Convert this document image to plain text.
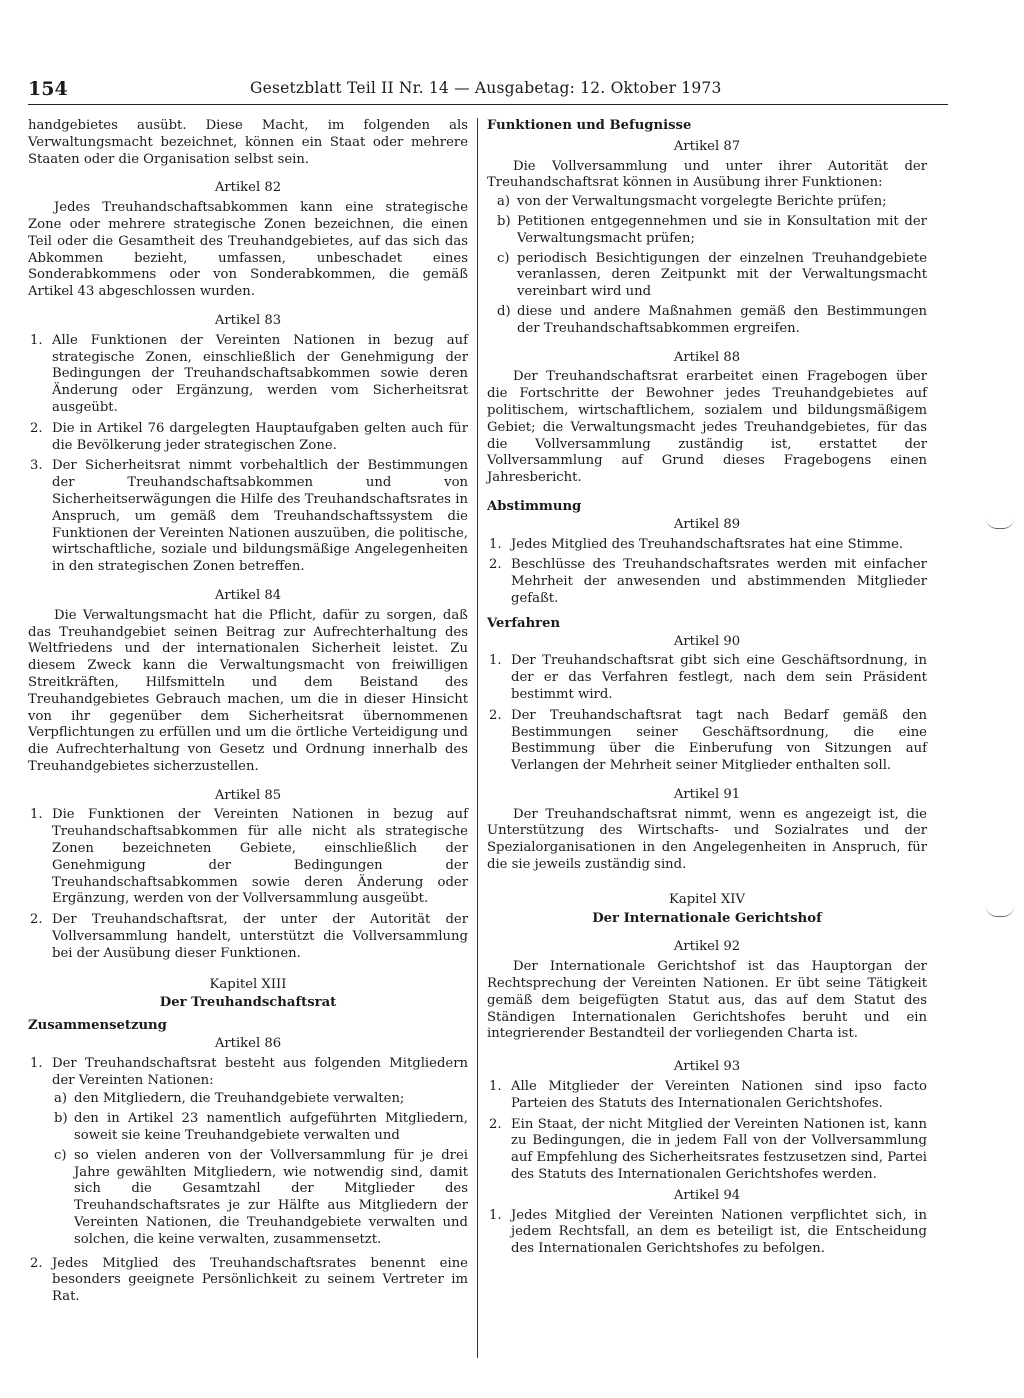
154	Gesetzblatt Teil II Nr. 14 — Ausgabetag: 12. Oktober 1973

handgebietes ausübt. Diese Macht, im folgenden als Verwaltungsmacht bezeichnet, können ein Staat oder mehrere Staaten oder die Organisation selbst sein.

Artikel 82

Jedes Treuhandschaftsabkommen kann eine strategische Zone oder mehrere strategische Zonen bezeichnen, die einen Teil oder die Gesamtheit des Treuhandgebietes, auf das sich das Abkommen bezieht, umfassen, unbeschadet eines Sonderabkommens oder von Sonderabkommen, die gemäß Artikel 43 abgeschlossen wurden.

Artikel 83
1. Alle Funktionen der Vereinten Nationen in bezug auf strategische Zonen, einschließlich der Genehmigung der Bedingungen der Treuhandschaftsabkommen sowie deren Änderung oder Ergänzung, werden vom Sicherheitsrat ausgeübt.
2. Die in Artikel 76 dargelegten Hauptaufgaben gelten auch für die Bevölkerung jeder strategischen Zone.
3. Der Sicherheitsrat nimmt vorbehaltlich der Bestimmungen der Treuhandschaftsabkommen und von Sicherheitserwägungen die Hilfe des Treuhandschaftsrates in Anspruch, um gemäß dem Treuhandschaftssystem die Funktionen der Vereinten Nationen auszuüben, die politische, wirtschaftliche, soziale und bildungsmäßige Angelegenheiten in den strategischen Zonen betreffen.
Artikel 84

Die Verwaltungsmacht hat die Pflicht, dafür zu sorgen, daß das Treuhandgebiet seinen Beitrag zur Aufrechterhaltung des Weltfriedens und der internationalen Sicherheit leistet. Zu diesem Zweck kann die Verwaltungsmacht von freiwilligen Streitkräften, Hilfsmitteln und dem Beistand des Treuhandgebietes Gebrauch machen, um die in dieser Hinsicht von ihr gegenüber dem Sicherheitsrat übernommenen Verpflichtungen zu erfüllen und um die örtliche Verteidigung und die Aufrechterhaltung von Gesetz und Ordnung innerhalb des Treuhandgebietes sicherzustellen.

Artikel 85
1. Die Funktionen der Vereinten Nationen in bezug auf Treuhandschaftsabkommen für alle nicht als strategische Zonen bezeichneten Gebiete, einschließlich der Genehmigung der Bedingungen der Treuhandschaftsabkommen sowie deren Änderung oder Ergänzung, werden von der Vollversammlung ausgeübt.
2. Der Treuhandschaftsrat, der unter der Autorität der Vollversammlung handelt, unterstützt die Vollversammlung bei der Ausübung dieser Funktionen.
Kapitel XIII
Der Treuhandschaftsrat
Zusammensetzung
Artikel 86
1. Der Treuhandschaftsrat besteht aus folgenden Mitgliedern der Vereinten Nationen:
a) den Mitgliedern, die Treuhandgebiete verwalten;
b) den in Artikel 23 namentlich aufgeführten Mitgliedern, soweit sie keine Treuhandgebiete verwalten und
c) so vielen anderen von der Vollversammlung für je drei Jahre gewählten Mitgliedern, wie notwendig sind, damit sich die Gesamtzahl der Mitglieder des Treuhandschaftsrates je zur Hälfte aus Mitgliedern der Vereinten Nationen, die Treuhandgebiete verwalten und solchen, die keine verwalten, zusammensetzt.
2. Jedes Mitglied des Treuhandschaftsrates benennt eine besonders geeignete Persönlichkeit zu seinem Vertreter im Rat.
Funktionen und Befugnisse
Artikel 87

Die Vollversammlung und unter ihrer Autorität der Treuhandschaftsrat können in Ausübung ihrer Funktionen:

a) von der Verwaltungsmacht vorgelegte Berichte prüfen;
b) Petitionen entgegennehmen und sie in Konsultation mit der Verwaltungsmacht prüfen;
c) periodisch Besichtigungen der einzelnen Treuhandgebiete veranlassen, deren Zeitpunkt mit der Verwaltungsmacht vereinbart wird und
d) diese und andere Maßnahmen gemäß den Bestimmungen der Treuhandschaftsabkommen ergreifen.
Artikel 88

Der Treuhandschaftsrat erarbeitet einen Fragebogen über die Fortschritte der Bewohner jedes Treuhandgebietes auf politischem, wirtschaftlichem, sozialem und bildungsmäßigem Gebiet; die Verwaltungsmacht jedes Treuhandgebietes, für das die Vollversammlung zuständig ist, erstattet der Vollversammlung auf Grund dieses Fragebogens einen Jahresbericht.

Abstimmung
Artikel 89
1. Jedes Mitglied des Treuhandschaftsrates hat eine Stimme.
2. Beschlüsse des Treuhandschaftsrates werden mit einfacher Mehrheit der anwesenden und abstimmenden Mitglieder gefaßt.
Verfahren
Artikel 90
1. Der Treuhandschaftsrat gibt sich eine Geschäftsordnung, in der er das Verfahren festlegt, nach dem sein Präsident bestimmt wird.
2. Der Treuhandschaftsrat tagt nach Bedarf gemäß den Bestimmungen seiner Geschäftsordnung, die eine Bestimmung über die Einberufung von Sitzungen auf Verlangen der Mehrheit seiner Mitglieder enthalten soll.
Artikel 91

Der Treuhandschaftsrat nimmt, wenn es angezeigt ist, die Unterstützung des Wirtschafts- und Sozialrates und der Spezialorganisationen in den Angelegenheiten in Anspruch, für die sie jeweils zuständig sind.

Kapitel XIV
Der Internationale Gerichtshof
Artikel 92

Der Internationale Gerichtshof ist das Hauptorgan der Rechtsprechung der Vereinten Nationen. Er übt seine Tätigkeit gemäß dem beigefügten Statut aus, das auf dem Statut des Ständigen Internationalen Gerichtshofes beruht und ein integrierender Bestandteil der vorliegenden Charta ist.

Artikel 93
1. Alle Mitglieder der Vereinten Nationen sind ipso facto Parteien des Statuts des Internationalen Gerichtshofes.
2. Ein Staat, der nicht Mitglied der Vereinten Nationen ist, kann zu Bedingungen, die in jedem Fall von der Vollversammlung auf Empfehlung des Sicherheitsrates festzusetzen sind, Partei des Statuts des Internationalen Gerichtshofes werden.
Artikel 94
1. Jedes Mitglied der Vereinten Nationen verpflichtet sich, in jedem Rechtsfall, an dem es beteiligt ist, die Entscheidung des Internationalen Gerichtshofes zu befolgen.
